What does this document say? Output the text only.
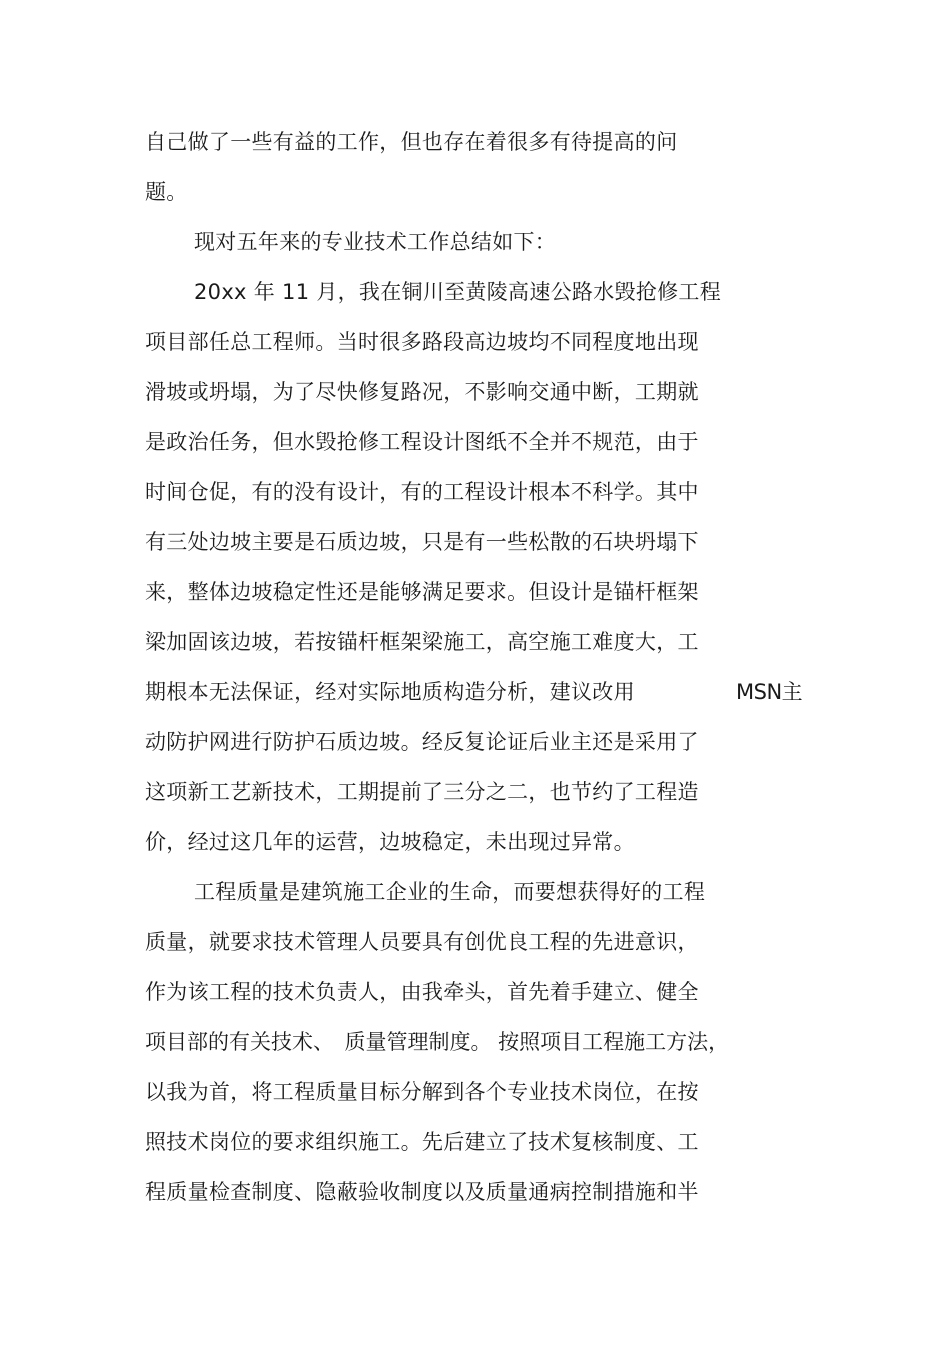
自己做了一些有益的工作，但也存在着很多有待提高的问
题。
现对五年来的专业技术工作总结如下：
20xx 年 11 月，我在铜川至黄陵高速公路水毁抢修工程
项目部任总工程师。当时很多路段高边坡均不同程度地出现
滑坡或坍塌，为了尽快修复路况，不影响交通中断，工期就
是政治任务，但水毁抢修工程设计图纸不全并不规范，由于
时间仓促，有的没有设计，有的工程设计根本不科学。其中
有三处边坡主要是石质边坡，只是有一些松散的石块坍塌下
来，整体边坡稳定性还是能够满足要求。但设计是锚杆框架
梁加固该边坡，若按锚杆框架梁施工，高空施工难度大，工
期根本无法保证，经对实际地质构造分析，建议改用	MSN主
动防护网进行防护石质边坡。经反复论证后业主还是采用了
这项新工艺新技术，工期提前了三分之二，也节约了工程造
价，经过这几年的运营，边坡稳定，未出现过异常。
工程质量是建筑施工企业的生命，而要想获得好的工程
质量，就要求技术管理人员要具有创优良工程的先进意识，
作为该工程的技术负责人，由我牵头，首先着手建立、健全
项目部的有关技术、　质量管理制度。 按照项目工程施工方法，
以我为首，将工程质量目标分解到各个专业技术岗位，在按
照技术岗位的要求组织施工。先后建立了技术复核制度、工
程质量检查制度、隐蔽验收制度以及质量通病控制措施和半
